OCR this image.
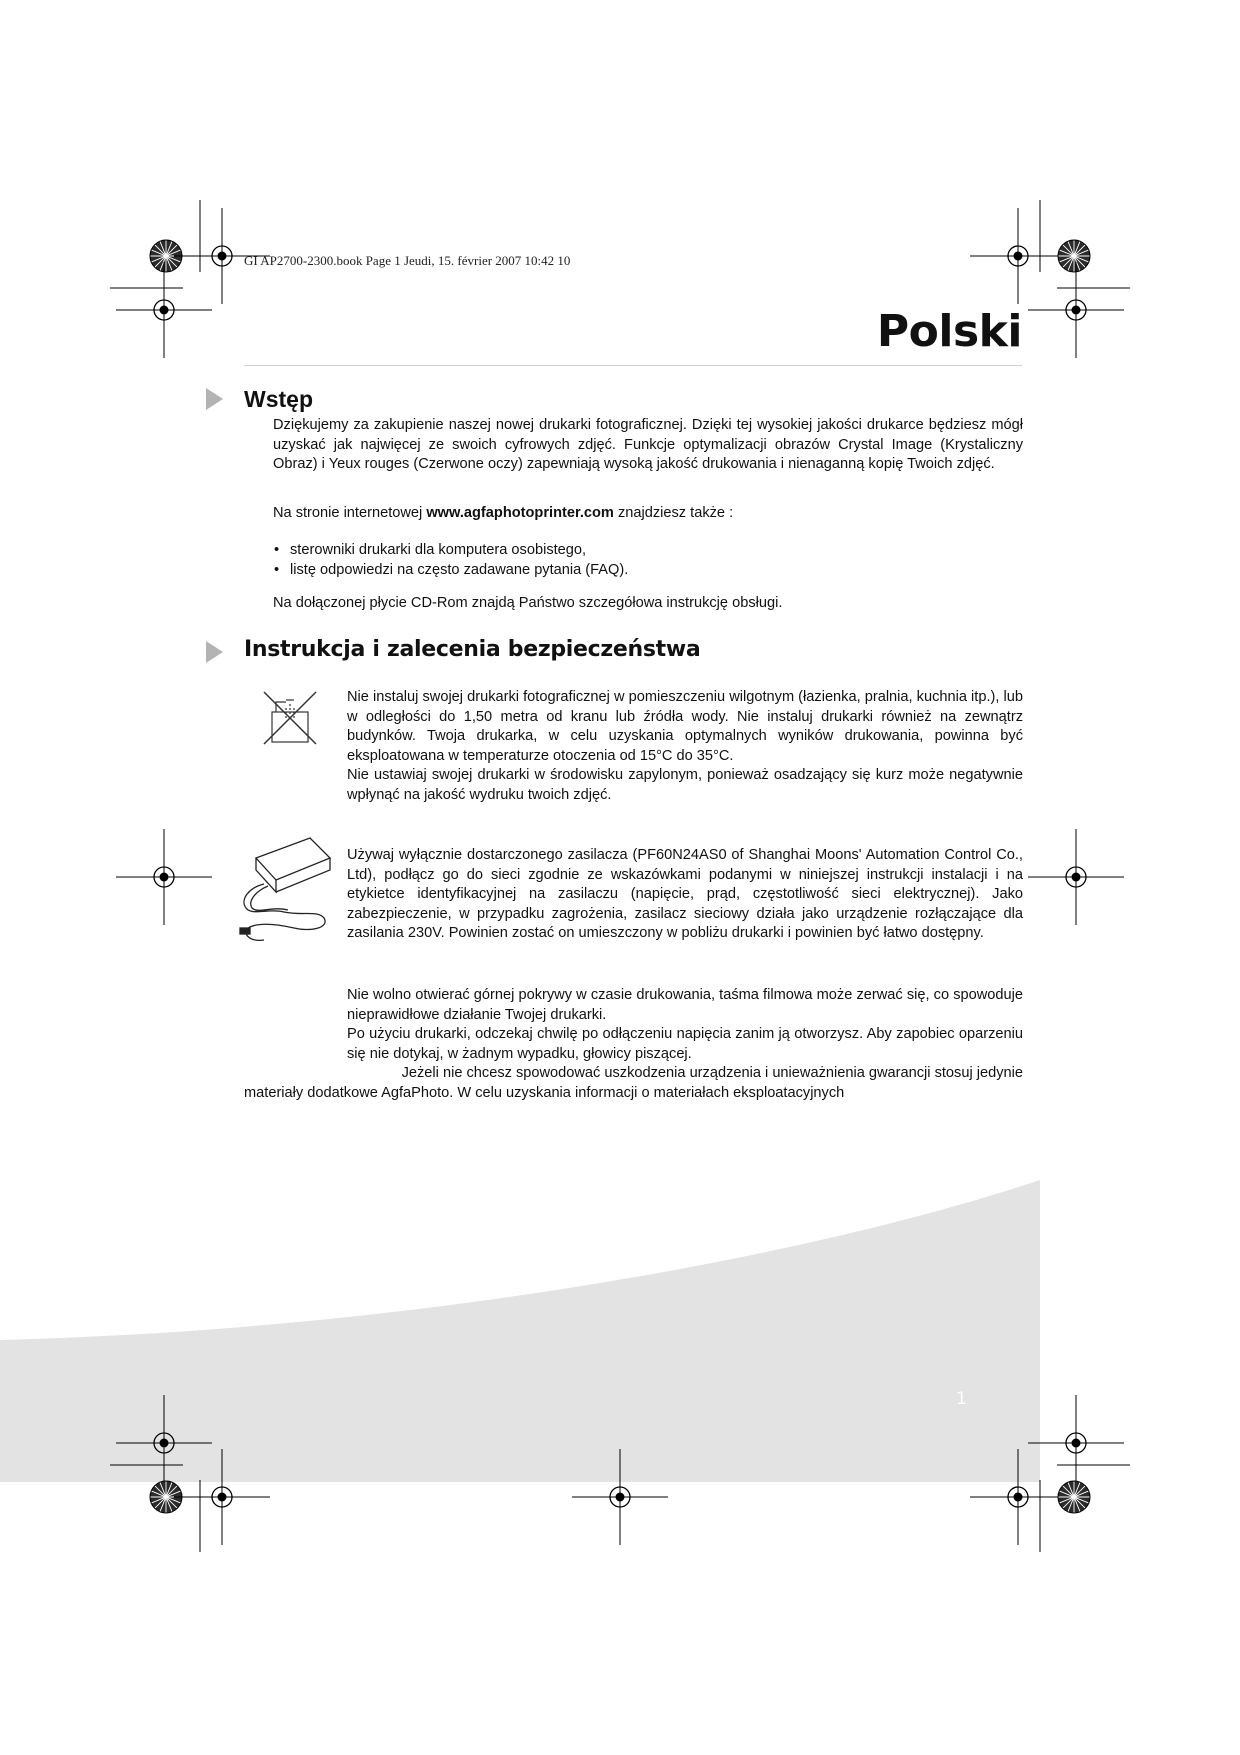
GI AP2700-2300.book Page 1 Jeudi, 15. février 2007 10:42 10
Polski
Wstęp

Dziękujemy za zakupienie naszej nowej drukarki fotograficznej. Dzięki tej wysokiej jakości drukarce będziesz mógł uzyskać jak najwięcej ze swoich cyfrowych zdjęć. Funkcje optymalizacji obrazów Crystal Image (Krystaliczny Obraz) i Yeux rouges (Czerwone oczy) zapewniają wysoką jakość drukowania i nienaganną kopię Twoich zdjęć.

Na stronie internetowej www.agfaphotoprinter.com znajdziesz także :

• sterowniki drukarki dla komputera osobistego,
• listę odpowiedzi na często zadawane pytania (FAQ).

Na dołączonej płycie CD-Rom znajdą Państwo szczegółowa instrukcję obsługi.

Instrukcja i zalecenia bezpieczeństwa

Nie instaluj swojej drukarki fotograficznej w pomieszczeniu wilgotnym (łazienka, pralnia, kuchnia itp.), lub w odległości do 1,50 metra od kranu lub źródła wody. Nie instaluj drukarki również na zewnątrz budynków. Twoja drukarka, w celu uzyskania optymalnych wyników drukowania, powinna być eksploatowana w temperaturze otoczenia od 15°C do 35°C.

Nie ustawiaj swojej drukarki w środowisku zapylonym, ponieważ osadzający się kurz może negatywnie wpłynąć na jakość wydruku twoich zdjęć.

Używaj wyłącznie dostarczonego zasilacza (PF60N24AS0 of Shanghai Moons' Automation Control Co., Ltd), podłącz go do sieci zgodnie ze wskazówkami podanymi w niniejszej instrukcji instalacji i na etykietce identyfikacyjnej na zasilaczu (napięcie, prąd, częstotliwość sieci elektrycznej). Jako zabezpieczenie, w przypadku zagrożenia, zasilacz sieciowy działa jako urządzenie rozłączające dla zasilania 230V. Powinien zostać on umieszczony w pobliżu drukarki i powinien być łatwo dostępny.

Nie wolno otwierać górnej pokrywy w czasie drukowania, taśma filmowa może zerwać się, co spowoduje nieprawidłowe działanie Twojej drukarki.

Po użyciu drukarki, odczekaj chwilę po odłączeniu napięcia zanim ją otworzysz. Aby zapobiec oparzeniu się nie dotykaj, w żadnym wypadku, głowicy piszącej.

Jeżeli nie chcesz spowodować uszkodzenia urządzenia i unieważnienia gwarancji stosuj jedynie
materiały dodatkowe AgfaPhoto. W celu uzyskania informacji o materiałach eksploatacyjnych
1
